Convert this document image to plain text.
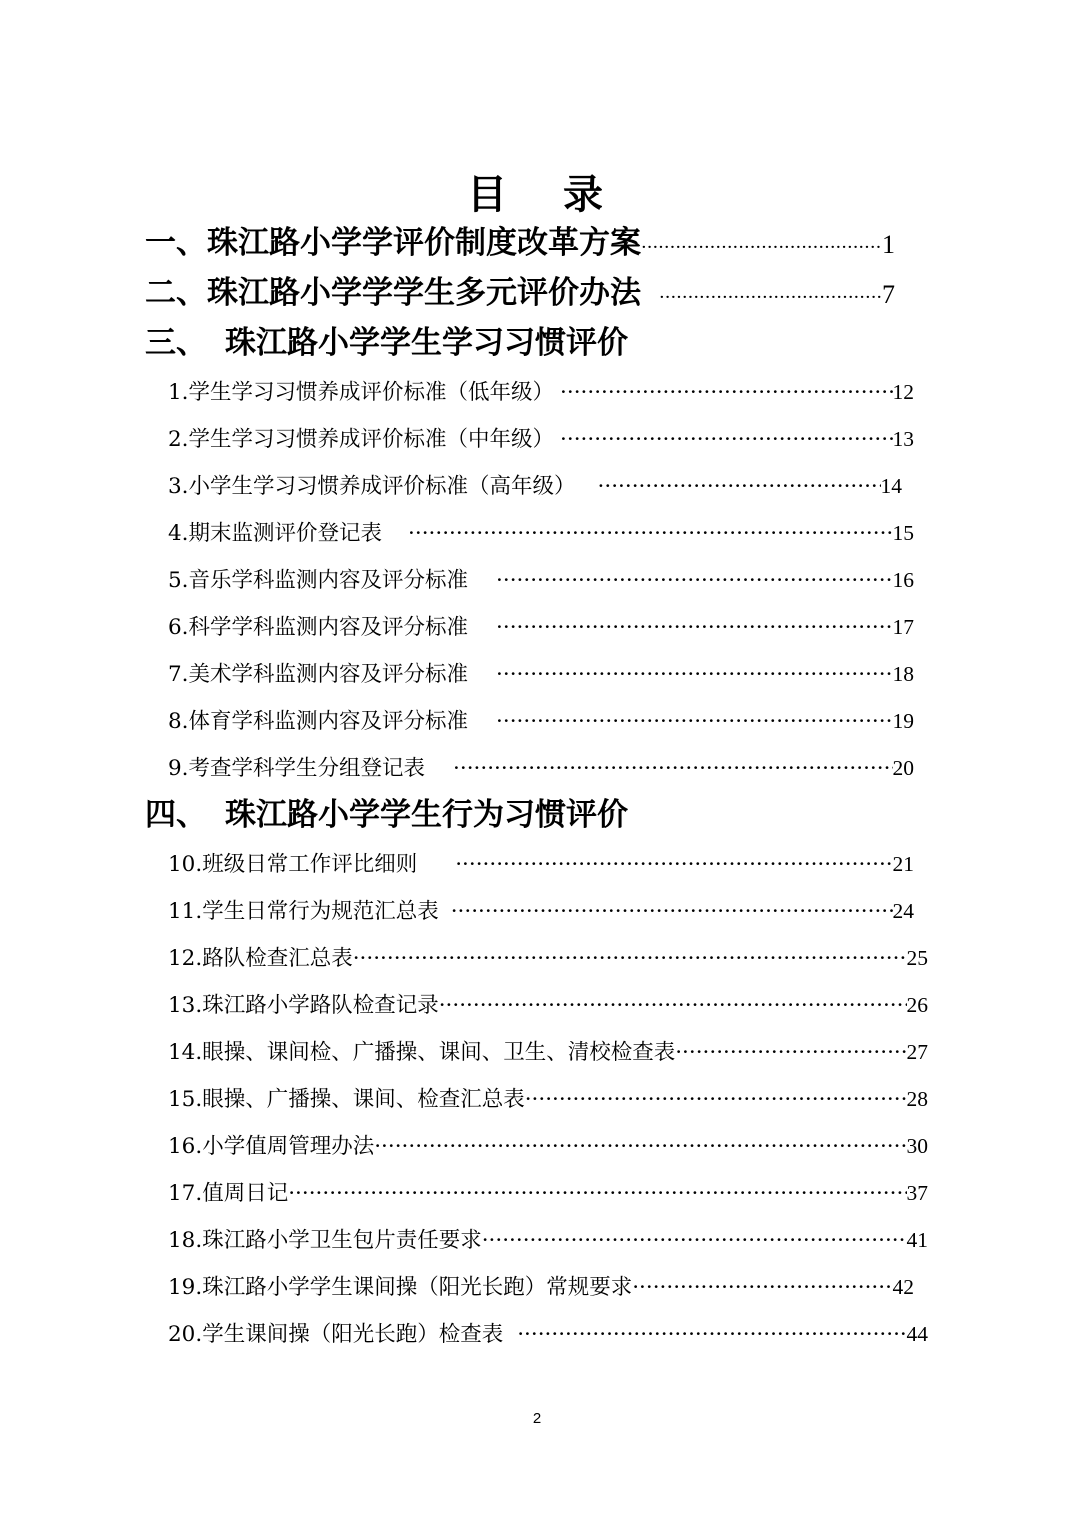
目 录
一、 珠江路小学学评价制度改革方案 ·····	1
二、 珠江路小学学学生多元评价办法 ·····	7
三、 珠江路小学学生学习习惯评价
1. 学生学习习惯养成评价标准（低年级） ·····	12
2. 学生学习习惯养成评价标准（中年级） ·····	13
3. 小学生学习习惯养成评价标准（高年级） ·····	14
4. 期末监测评价登记表 ·····	15
5. 音乐学科监测内容及评分标准 ·····	16
6. 科学学科监测内容及评分标准 ·····	17
7. 美术学科监测内容及评分标准 ·····	18
8. 体育学科监测内容及评分标准 ·····	19
9. 考查学科学生分组登记表 ·····	20
四、 珠江路小学学生行为习惯评价
10. 班级日常工作评比细则 ·····	21
11. 学生日常行为规范汇总表 ·····	24
12. 路队检查汇总表 ·····	25
13. 珠江路小学路队检查记录 ·····	26
14. 眼操、课间检、广播操、课间、卫生、清校检查表 ·····	27
15. 眼操、广播操、课间、检查汇总表 ·····	28
16. 小学值周管理办法 ·····	30
17. 值周日记 ·····	37
18. 珠江路小学卫生包片责任要求 ·····	41
19. 珠江路小学学生课间操（阳光长跑）常规要求 ·····	42
20. 学生课间操（阳光长跑）检查表 ·····	44
2
